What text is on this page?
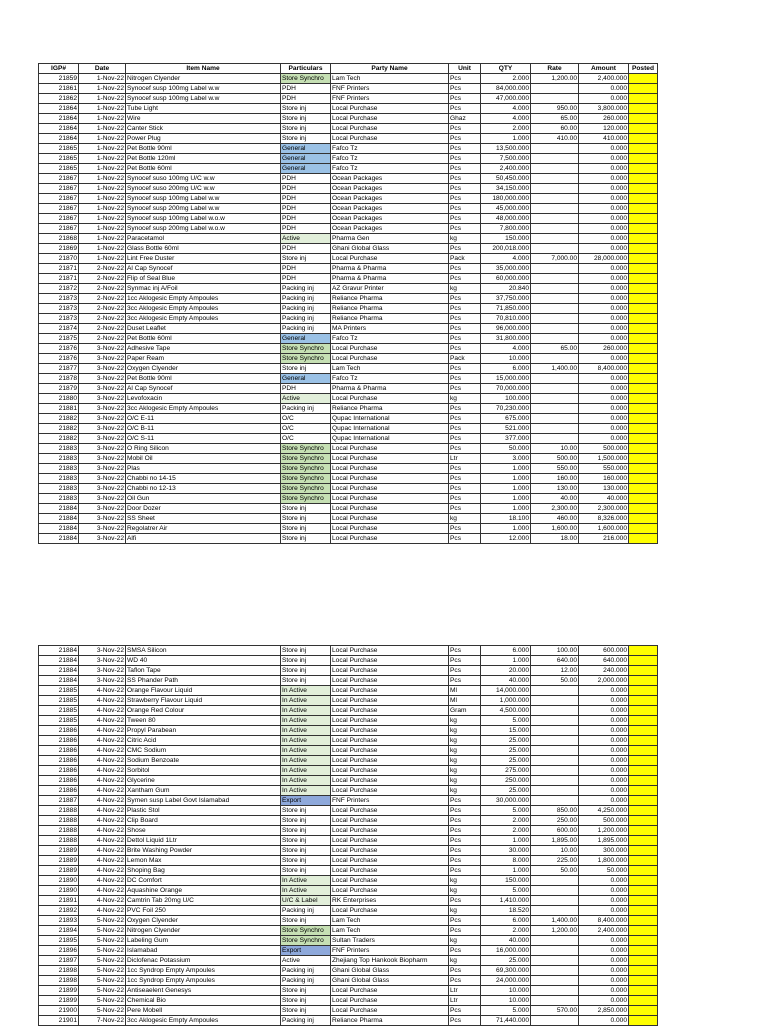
IGP#	Date	Item Name	Particulars	Party Name	Unit	QTY	Rate	Amount	Posted
21859	1-Nov-22	Nitrogen Clyender	Store Synchro	Lam Tech	Pcs	2.000	1,200.00	2,400.000	
21861	1-Nov-22	Synocef susp 100mg Label w.w	PDH	FNF Printers	Pcs	84,000.000		0.000	
21862	1-Nov-22	Synocef susp 100mg Label w.w	PDH	FNF Printers	Pcs	47,000.000		0.000	
21864	1-Nov-22	Tube Light	Store inj	Local Purchase	Pcs	4.000	950.00	3,800.000	
21864	1-Nov-22	Wire	Store inj	Local Purchase	Ghaz	4.000	65.00	260.000	
21864	1-Nov-22	Canter Stick	Store inj	Local Purchase	Pcs	2.000	60.00	120.000	
21864	1-Nov-22	Power Plug	Store inj	Local Purchase	Pcs	1.000	410.00	410.000	
21865	1-Nov-22	Pet Bottle 90ml	General	Fafco Tz	Pcs	13,500.000		0.000	
21865	1-Nov-22	Pet Bottle 120ml	General	Fafco Tz	Pcs	7,500.000		0.000	
21865	1-Nov-22	Pet Bottle 60ml	General	Fafco Tz	Pcs	2,400.000		0.000	
21867	1-Nov-22	Synocef suso 100mg U/C w.w	PDH	Ocean Packages	Pcs	50,450.000		0.000	
21867	1-Nov-22	Synocef suso 200mg U/C w.w	PDH	Ocean Packages	Pcs	34,150.000		0.000	
21867	1-Nov-22	Synocef susp 100mg Label w.w	PDH	Ocean Packages	Pcs	180,000.000		0.000	
21867	1-Nov-22	Synocef susp 200mg Label w.w	PDH	Ocean Packages	Pcs	45,000.000		0.000	
21867	1-Nov-22	Synocef susp 100mg Label w.o.w	PDH	Ocean Packages	Pcs	48,000.000		0.000	
21867	1-Nov-22	Synocef susp 200mg Label w.o.w	PDH	Ocean Packages	Pcs	7,800.000		0.000	
21868	1-Nov-22	Paracetamol	Active	Pharma Gen	kg	150.000		0.000	
21869	1-Nov-22	Glass Bottle 60ml	PDH	Ghani Global Glass	Pcs	200,018.000		0.000	
21870	1-Nov-22	Lint Free Duster	Store inj	Local Purchase	Pack	4.000	7,000.00	28,000.000	
21871	2-Nov-22	Al Cap Synocef	PDH	Pharma & Pharma	Pcs	35,000.000		0.000	
21871	2-Nov-22	Flip of Seal Blue	PDH	Pharma & Pharma	Pcs	60,000.000		0.000	
21872	2-Nov-22	Synmac inj A/Foil	Packing inj	AZ Gravur Printer	kg	20.840		0.000	
21873	2-Nov-22	1cc Aklogesic Empty Ampoules	Packing inj	Reliance Pharma	Pcs	37,750.000		0.000	
21873	2-Nov-22	3cc Aklogesic Empty Ampoules	Packing inj	Reliance Pharma	Pcs	71,850.000		0.000	
21873	2-Nov-22	3cc Aklogesic Empty Ampoules	Packing inj	Reliance Pharma	Pcs	70,810.000		0.000	
21874	2-Nov-22	Duset Leaflet	Packing inj	MA Printers	Pcs	96,000.000		0.000	
21875	2-Nov-22	Pet Bottle 60ml	General	Fafco Tz	Pcs	31,800.000		0.000	
21876	3-Nov-22	Adhesive Tape	Store Synchro	Local Purchase	Pcs	4.000	65.00	260.000	
21876	3-Nov-22	Paper Ream	Store Synchro	Local Purchase	Pack	10.000		0.000	
21877	3-Nov-22	Oxygen Clyender	Store inj	Lam Tech	Pcs	6.000	1,400.00	8,400.000	
21878	3-Nov-22	Pet Bottle 90ml	General	Fafco Tz	Pcs	15,000.000		0.000	
21879	3-Nov-22	Al Cap Synocef	PDH	Pharma & Pharma	Pcs	70,000.000		0.000	
21880	3-Nov-22	Levofoxacin	Active	Local Purchase	kg	100.000		0.000	
21881	3-Nov-22	3cc Aklogesic Empty Ampoules	Packing inj	Reliance Pharma	Pcs	70,230.000		0.000	
21882	3-Nov-22	O/C E-11	O/C	Qupac International	Pcs	675.000		0.000	
21882	3-Nov-22	O/C B-11	O/C	Qupac International	Pcs	521.000		0.000	
21882	3-Nov-22	O/C S-11	O/C	Qupac International	Pcs	377.000		0.000	
21883	3-Nov-22	O Ring Silicon	Store Synchro	Local Purchase	Pcs	50.000	10.00	500.000	
21883	3-Nov-22	Mobil Oil	Store Synchro	Local Purchase	Ltr	3.000	500.00	1,500.000	
21883	3-Nov-22	Plas	Store Synchro	Local Purchase	Pcs	1.000	550.00	550.000	
21883	3-Nov-22	Chabbi no 14-15	Store Synchro	Local Purchase	Pcs	1.000	160.00	160.000	
21883	3-Nov-22	Chabbi no 12-13	Store Synchro	Local Purchase	Pcs	1.000	130.00	130.000	
21883	3-Nov-22	Oil Gun	Store Synchro	Local Purchase	Pcs	1.000	40.00	40.000	
21884	3-Nov-22	Door Dozer	Store inj	Local Purchase	Pcs	1.000	2,300.00	2,300.000	
21884	3-Nov-22	SS Sheet	Store inj	Local Purchase	kg	18.100	460.00	8,326.000	
21884	3-Nov-22	Regolatrer Air	Store inj	Local Purchase	Pcs	1.000	1,600.00	1,600.000	
21884	3-Nov-22	Alfi	Store inj	Local Purchase	Pcs	12.000	18.00	216.000	
21884	3-Nov-22	SMSA Silicon	Store inj	Local Purchase	Pcs	6.000	100.00	600.000	
21884	3-Nov-22	WD 40	Store inj	Local Purchase	Pcs	1.000	640.00	640.000	
21884	3-Nov-22	Taflon Tape	Store inj	Local Purchase	Pcs	20.000	12.00	240.000	
21884	3-Nov-22	SS Phander Path	Store inj	Local Purchase	Pcs	40.000	50.00	2,000.000	
21885	4-Nov-22	Orange Flavour Liquid	In Active	Local Purchase	Ml	14,000.000		0.000	
21885	4-Nov-22	Strawberry Flavour Liquid	In Active	Local Purchase	Ml	1,000.000		0.000	
21885	4-Nov-22	Orange Red Colour	In Active	Local Purchase	Gram	4,500.000		0.000	
21885	4-Nov-22	Tween 80	In Active	Local Purchase	kg	5.000		0.000	
21886	4-Nov-22	Propyl Parabean	In Active	Local Purchase	kg	15.000		0.000	
21886	4-Nov-22	Citric Acid	In Active	Local Purchase	kg	25.000		0.000	
21886	4-Nov-22	CMC Sodium	In Active	Local Purchase	kg	25.000		0.000	
21886	4-Nov-22	Sodium Benzoate	In Active	Local Purchase	kg	25.000		0.000	
21886	4-Nov-22	Sorbitol	In Active	Local Purchase	kg	275.000		0.000	
21886	4-Nov-22	Glycerine	In Active	Local Purchase	kg	250.000		0.000	
21886	4-Nov-22	Xantham Gum	In Active	Local Purchase	kg	25.000		0.000	
21887	4-Nov-22	Symen susp Label Govt Islamabad	Export	FNF Printers	Pcs	30,000.000		0.000	
21888	4-Nov-22	Plastic Stol	Store inj	Local Purchase	Pcs	5.000	850.00	4,250.000	
21888	4-Nov-22	Clip Board	Store inj	Local Purchase	Pcs	2.000	250.00	500.000	
21888	4-Nov-22	Shose	Store inj	Local Purchase	Pcs	2.000	600.00	1,200.000	
21888	4-Nov-22	Dettol Liquid 1Ltr	Store inj	Local Purchase	Pcs	1.000	1,895.00	1,895.000	
21889	4-Nov-22	Brite Washing Powder	Store inj	Local Purchase	Pcs	30.000	10.00	300.000	
21889	4-Nov-22	Lemon Max	Store inj	Local Purchase	Pcs	8.000	225.00	1,800.000	
21889	4-Nov-22	Shoping Bag	Store inj	Local Purchase	Pcs	1.000	50.00	50.000	
21890	4-Nov-22	DC Comfort	In Active	Local Purchase	kg	150.000		0.000	
21890	4-Nov-22	Aquashine Orange	In Active	Local Purchase	kg	5.000		0.000	
21891	4-Nov-22	Camtrin Tab 20mg U/C	U/C & Label	RK Enterprises	Pcs	1,410.000		0.000	
21892	4-Nov-22	PVC Foil 250	Packing inj	Local Purchase	kg	18.520		0.000	
21893	5-Nov-22	Oxygen Clyender	Store inj	Lam Tech	Pcs	6.000	1,400.00	8,400.000	
21894	5-Nov-22	Nitrogen Clyender	Store Synchro	Lam Tech	Pcs	2.000	1,200.00	2,400.000	
21895	5-Nov-22	Labeling Gum	Store Synchro	Sultan Traders	kg	40.000		0.000	
21896	5-Nov-22	Islamabad	Export	FNF Printers	Pcs	16,000.000		0.000	
21897	5-Nov-22	Diclofenac Potassium	Active	Zhejiang Top Hankook Biopharm	kg	25.000		0.000	
21898	5-Nov-22	1cc Syndrop Empty Ampoules	Packing inj	Ghani Global Glass	Pcs	69,300.000		0.000	
21898	5-Nov-22	1cc Syndrop Empty Ampoules	Packing inj	Ghani Global Glass	Pcs	24,000.000		0.000	
21899	5-Nov-22	Antiseaelent Genesys	Store inj	Local Purchase	Ltr	10.000		0.000	
21899	5-Nov-22	Chemical Bio	Store inj	Local Purchase	Ltr	10.000		0.000	
21900	5-Nov-22	Pere Mobell	Store inj	Local Purchase	Pcs	5.000	570.00	2,850.000	
21901	7-Nov-22	3cc Aklogesic Empty Ampoules	Packing inj	Reliance Pharma	Pcs	71,440.000		0.000	
